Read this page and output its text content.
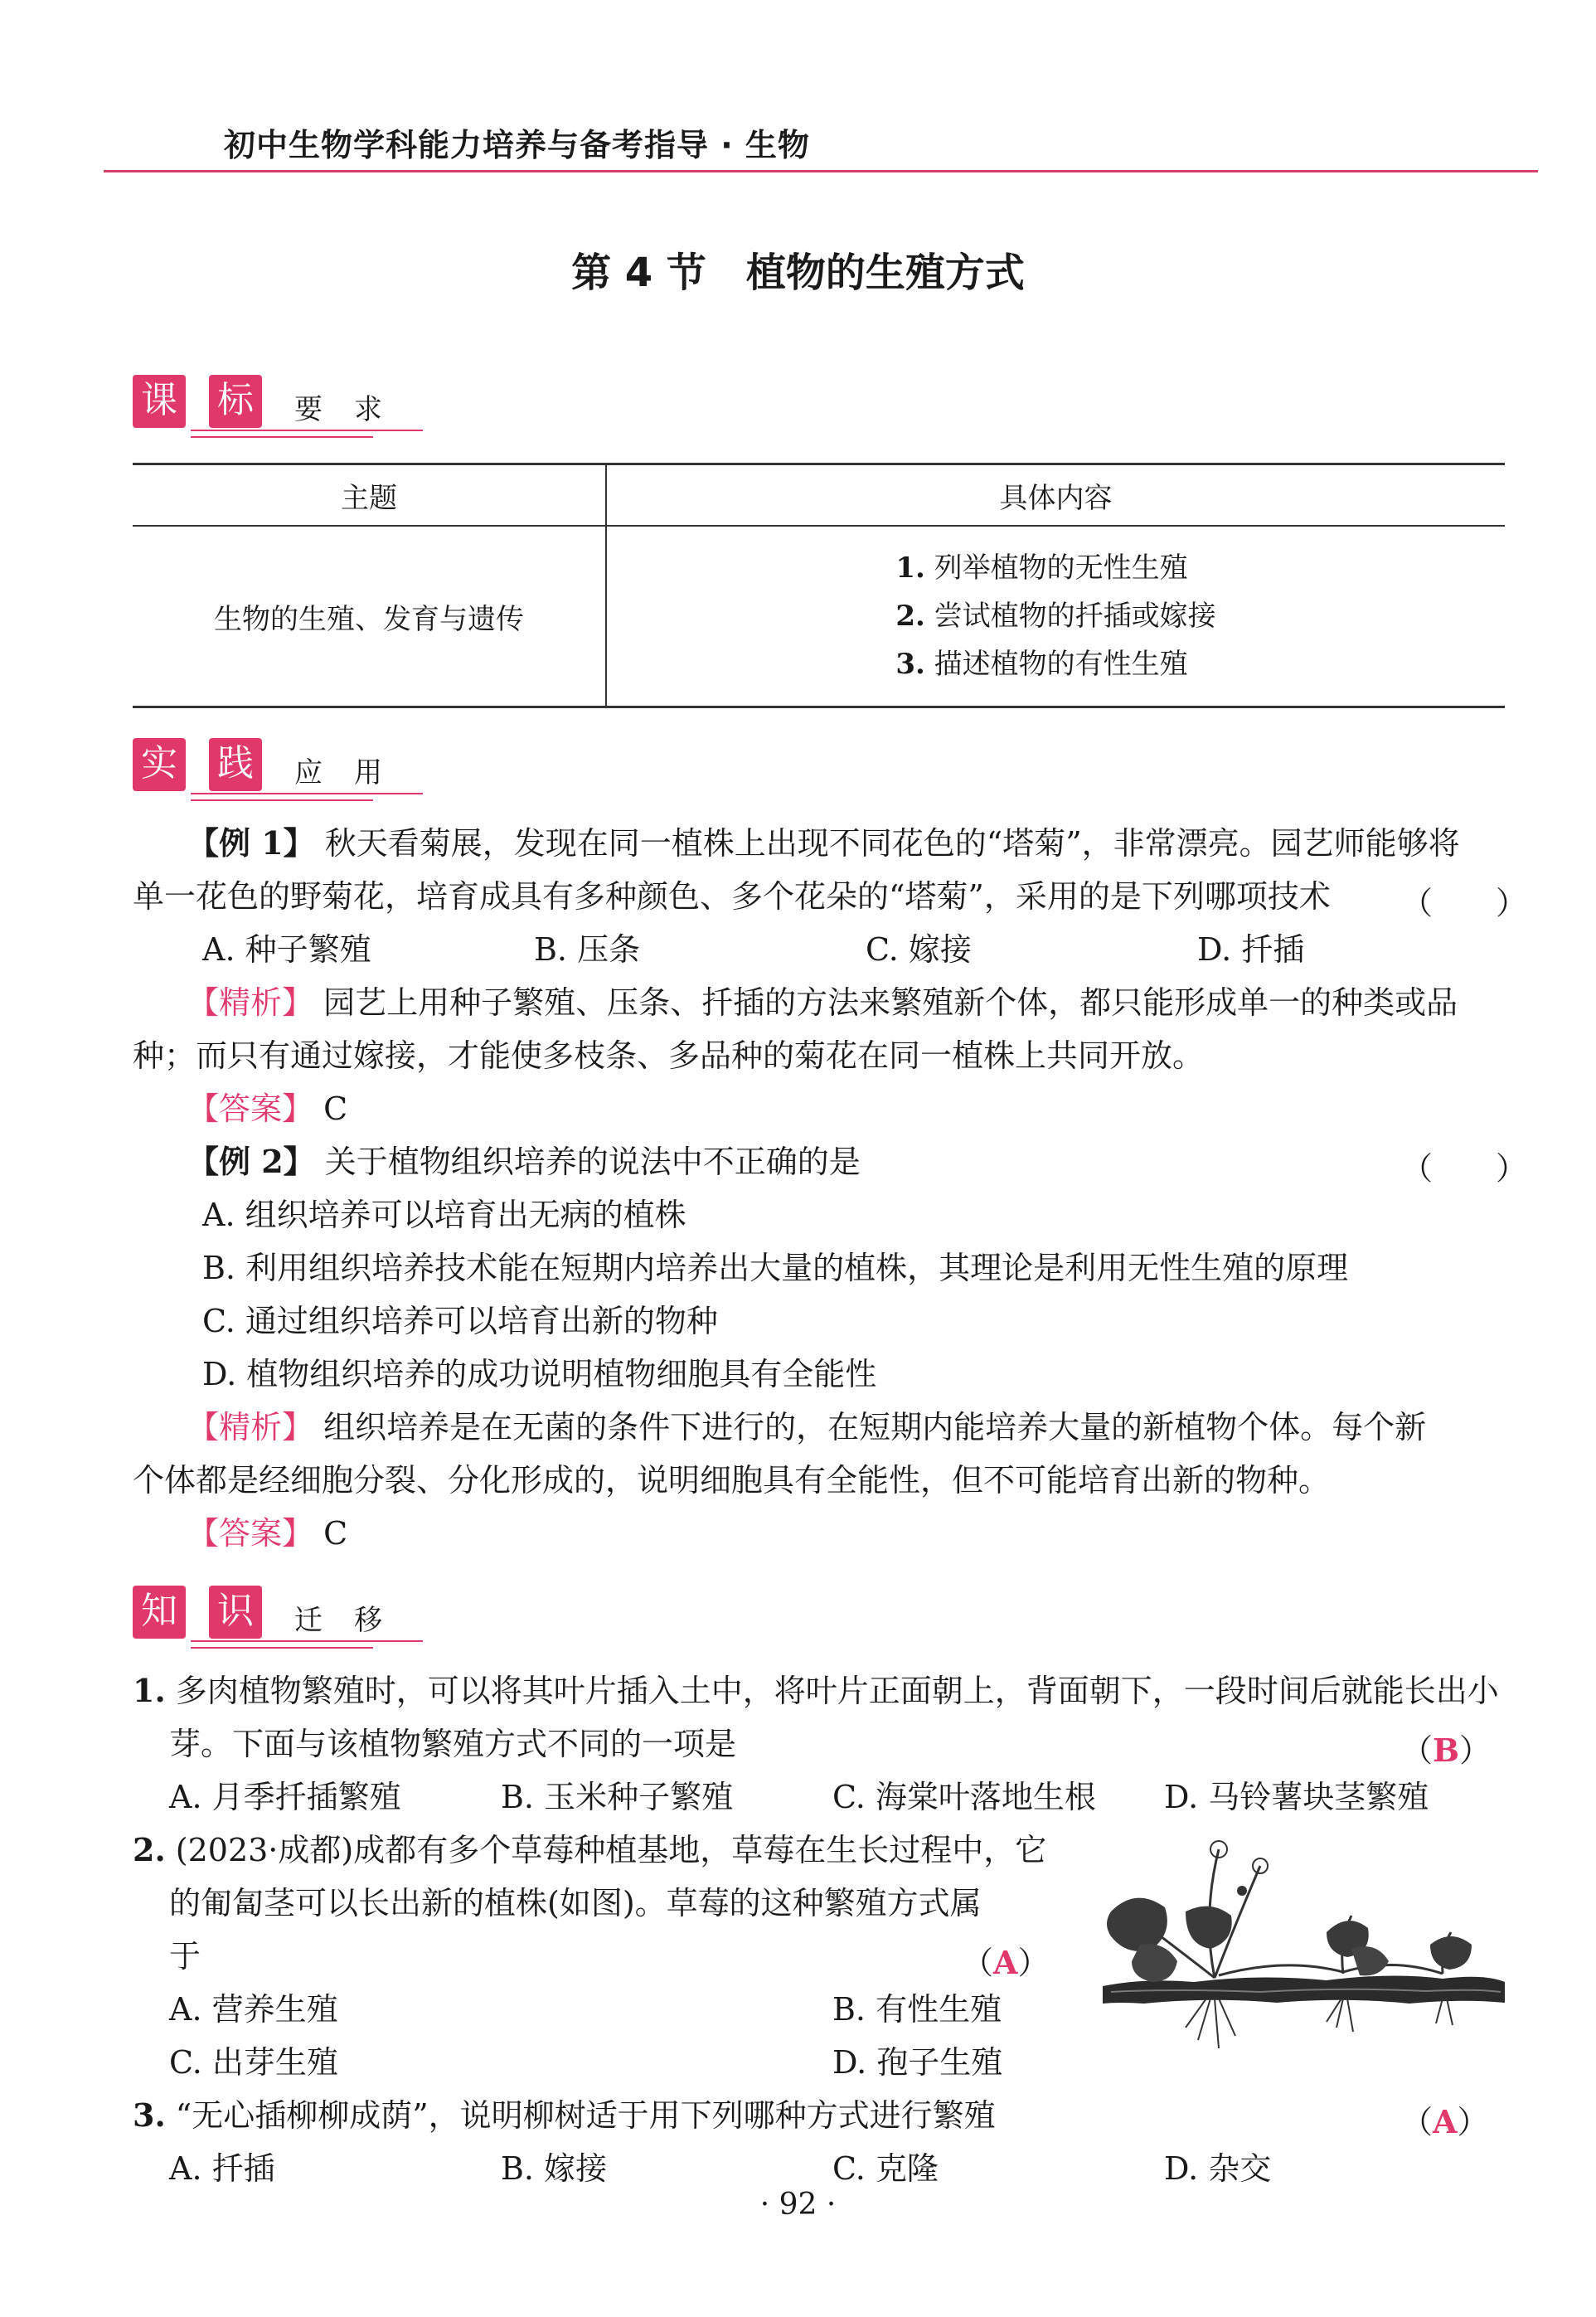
初中生物学科能力培养与备考指导 · 生物
第 4 节　植物的生殖方式
课 标 要 求
主题	具体内容
生物的生殖、发育与遗传	1. 列举植物的无性生殖
2. 尝试植物的扦插或嫁接
3. 描述植物的有性生殖
实 践 应 用
【例 1】 秋天看菊展，发现在同一植株上出现不同花色的“塔菊”，非常漂亮。园艺师能够将
单一花色的野菊花，培育成具有多种颜色、多个花朵的“塔菊”，采用的是下列哪项技术 （　　）
A. 种子繁殖	B. 压条	C. 嫁接	D. 扦插
【精析】 园艺上用种子繁殖、压条、扦插的方法来繁殖新个体，都只能形成单一的种类或品
种；而只有通过嫁接，才能使多枝条、多品种的菊花在同一植株上共同开放。
【答案】 C
【例 2】 关于植物组织培养的说法中不正确的是	（　　）
A. 组织培养可以培育出无病的植株
B. 利用组织培养技术能在短期内培养出大量的植株，其理论是利用无性生殖的原理
C. 通过组织培养可以培育出新的物种
D. 植物组织培养的成功说明植物细胞具有全能性
【精析】 组织培养是在无菌的条件下进行的，在短期内能培养大量的新植物个体。每个新
个体都是经细胞分裂、分化形成的，说明细胞具有全能性，但不可能培育出新的物种。
【答案】 C
知 识 迁 移
1. 多肉植物繁殖时，可以将其叶片插入土中，将叶片正面朝上，背面朝下，一段时间后就能长出小
芽。下面与该植物繁殖方式不同的一项是	（B）
A. 月季扦插繁殖	B. 玉米种子繁殖	C. 海棠叶落地生根 D. 马铃薯块茎繁殖
2. (2023·成都)成都有多个草莓种植基地，草莓在生长过程中，它
的匍匐茎可以长出新的植株(如图)。草莓的这种繁殖方式属
于	（A）
A. 营养生殖	B. 有性生殖
C. 出芽生殖	D. 孢子生殖
3. “无心插柳柳成荫”，说明柳树适于用下列哪种方式进行繁殖	（A）
A. 扦插	B. 嫁接	C. 克隆	D. 杂交
· 92 ·
